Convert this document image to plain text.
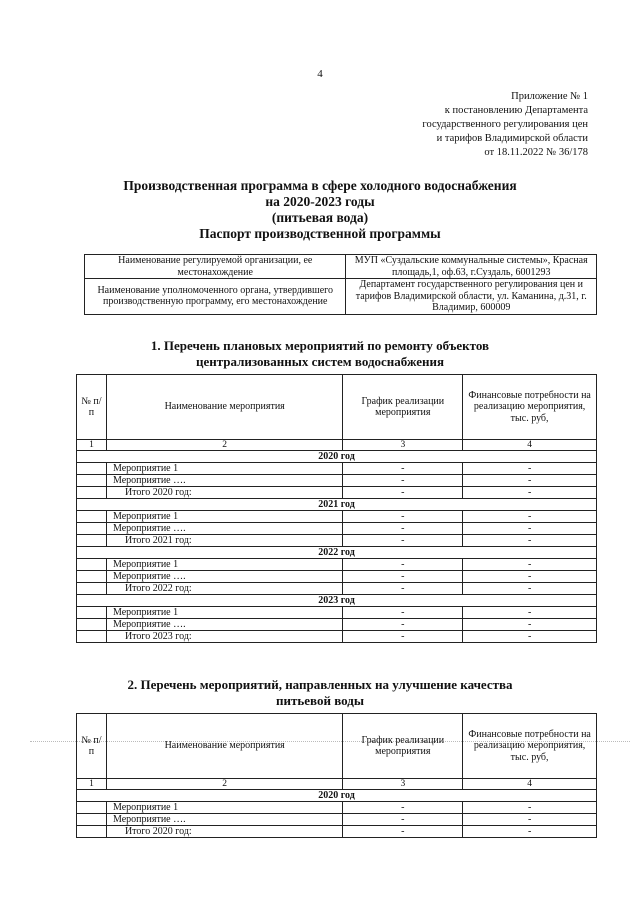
4
Приложение № 1
к постановлению Департамента
государственного регулирования цен
и тарифов Владимирской области
от 18.11.2022 № 36/178
Производственная программа в сфере холодного водоснабжения
на 2020-2023 годы
(питьевая вода)
Паспорт производственной программы
Наименование регулируемой организации, ее местонахождение	МУП «Суздальские коммунальные системы», Красная площадь,1, оф.63, г.Суздаль, 6001293
Наименование уполномоченного органа, утвердившего производственную программу, его местонахождение	Департамент государственного регулирования цен и тарифов Владимирской области, ул. Каманина, д.31, г. Владимир, 600009
1. Перечень плановых мероприятий по ремонту объектов
централизованных систем водоснабжения
№ п/п	Наименование мероприятия	График реализации мероприятия	Финансовые потребности на реализацию мероприятия, тыс. руб,
1	2	3	4
2020 год			
	Мероприятие 1	-	-
	Мероприятие ….	-	-
	Итого 2020 год:	-	-
2021 год			
	Мероприятие 1	-	-
	Мероприятие ….	-	-
	Итого 2021 год:	-	-
2022 год			
	Мероприятие 1	-	-
	Мероприятие ….	-	-
	Итого 2022 год:	-	-
2023 год			
	Мероприятие 1	-	-
	Мероприятие ….	-	-
	Итого 2023 год:	-	-
2. Перечень мероприятий, направленных на улучшение качества
питьевой воды
№ п/п	Наименование мероприятия	График реализации мероприятия	Финансовые потребности на реализацию мероприятия, тыс. руб,
1	2	3	4
2020 год			
	Мероприятие 1	-	-
	Мероприятие ….	-	-
	Итого 2020 год:	-	-
